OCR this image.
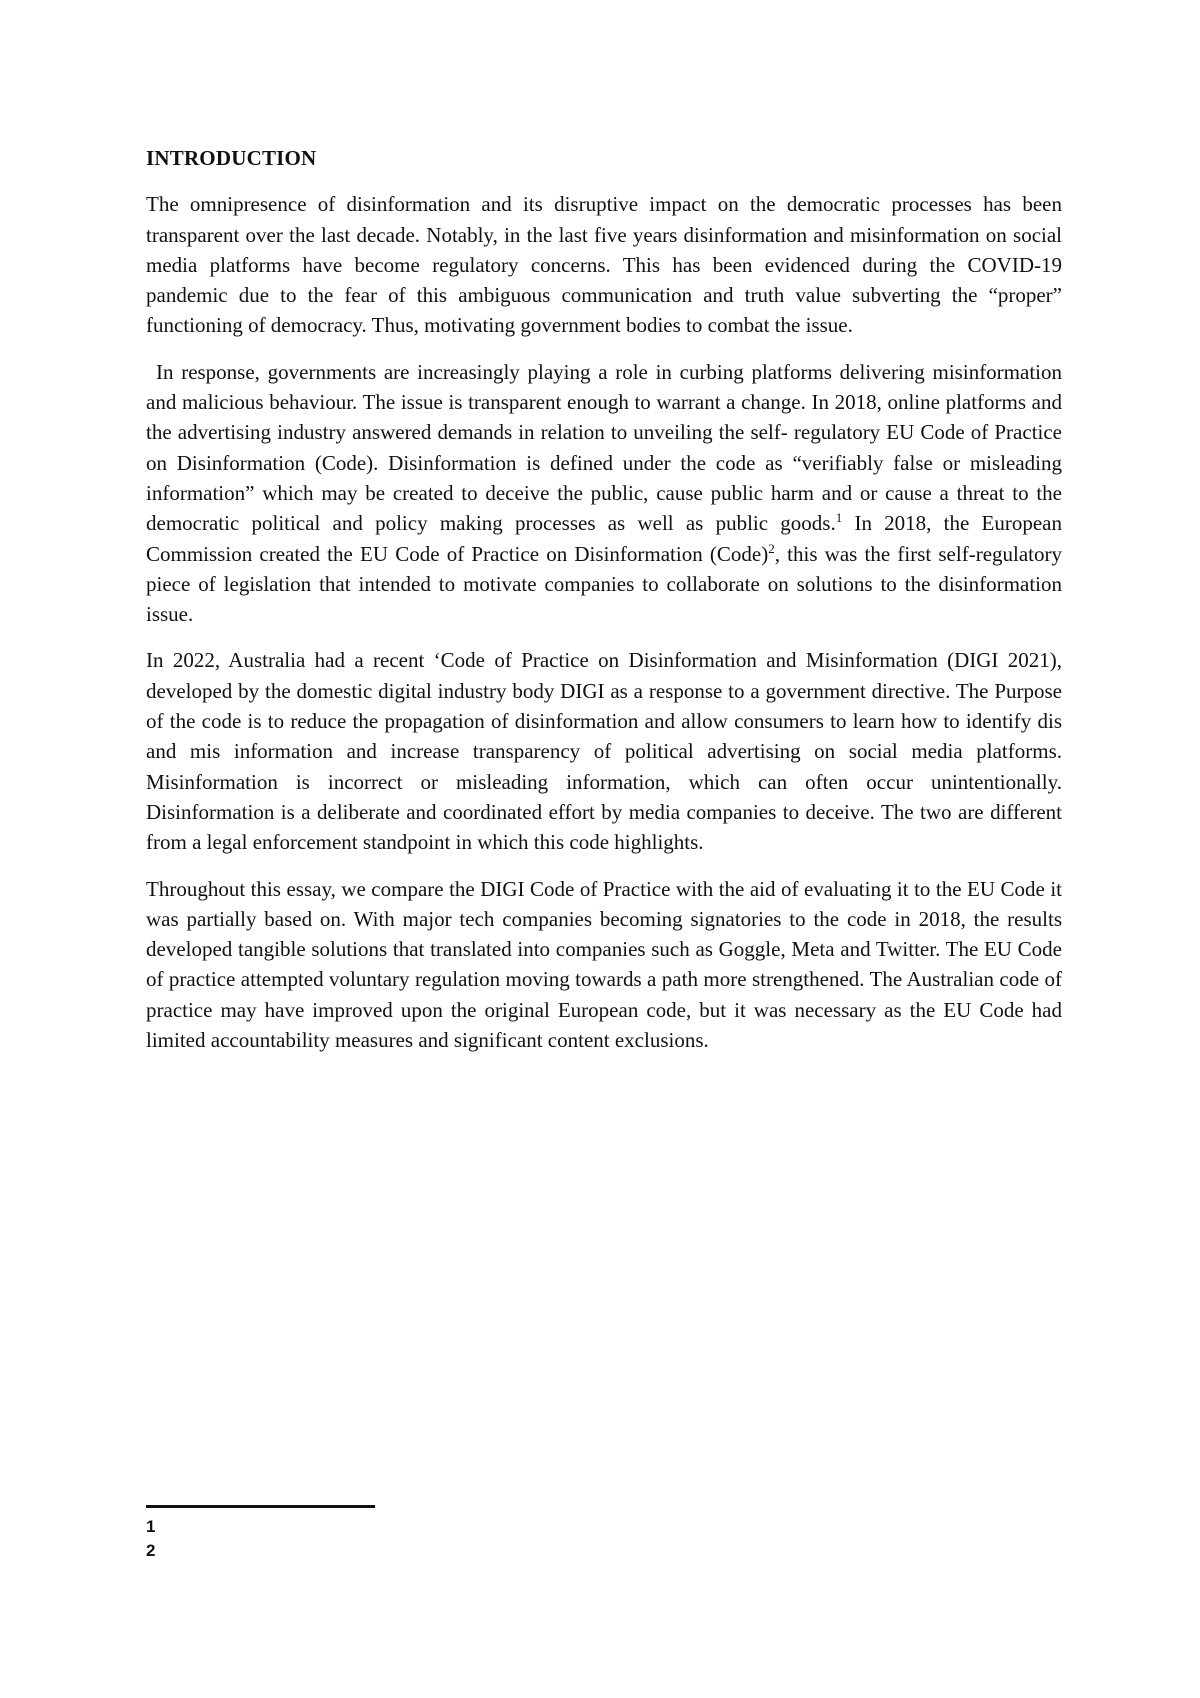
INTRODUCTION

The omnipresence of disinformation and its disruptive impact on the democratic processes has been transparent over the last decade. Notably, in the last five years disinformation and misinformation on social media platforms have become regulatory concerns. This has been evidenced during the COVID-19 pandemic due to the fear of this ambiguous communication and truth value subverting the “proper” functioning of democracy. Thus, motivating government bodies to combat the issue.

In response, governments are increasingly playing a role in curbing platforms delivering misinformation and malicious behaviour. The issue is transparent enough to warrant a change. In 2018, online platforms and the advertising industry answered demands in relation to unveiling the self- regulatory EU Code of Practice on Disinformation (Code). Disinformation is defined under the code as “verifiably false or misleading information” which may be created to deceive the public, cause public harm and or cause a threat to the democratic political and policy making processes as well as public goods.$^1$ In 2018, the European Commission created the EU Code of Practice on Disinformation (Code)$^2$, this was the first self-regulatory piece of legislation that intended to motivate companies to collaborate on solutions to the disinformation issue.

In 2022, Australia had a recent ‘Code of Practice on Disinformation and Misinformation (DIGI 2021), developed by the domestic digital industry body DIGI as a response to a government directive. The Purpose of the code is to reduce the propagation of disinformation and allow consumers to learn how to identify dis and mis information and increase transparency of political advertising on social media platforms. Misinformation is incorrect or misleading information, which can often occur unintentionally. Disinformation is a deliberate and coordinated effort by media companies to deceive. The two are different from a legal enforcement standpoint in which this code highlights.

Throughout this essay, we compare the DIGI Code of Practice with the aid of evaluating it to the EU Code it was partially based on. With major tech companies becoming signatories to the code in 2018, the results developed tangible solutions that translated into companies such as Goggle, Meta and Twitter. The EU Code of practice attempted voluntary regulation moving towards a path more strengthened. The Australian code of practice may have improved upon the original European code, but it was necessary as the EU Code had limited accountability measures and significant content exclusions.

1
2
